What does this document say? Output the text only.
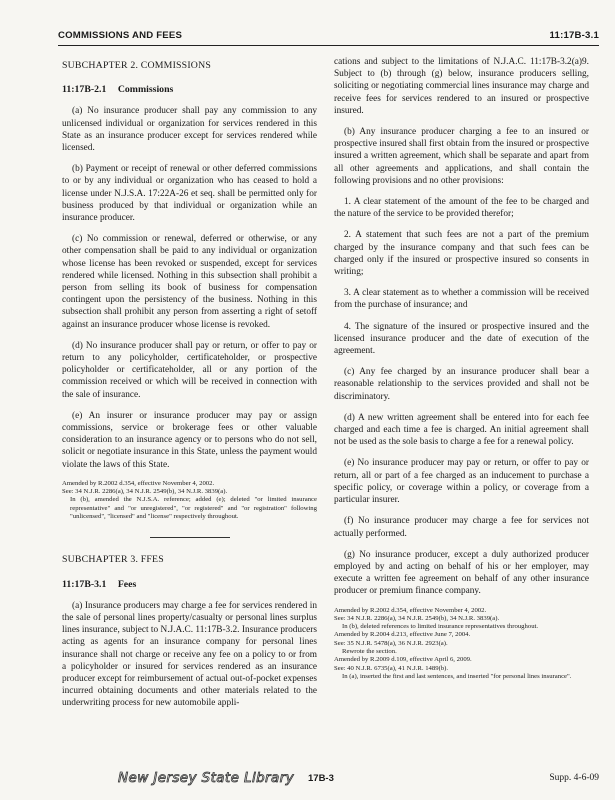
COMMISSIONS AND FEES	11:17B-3.1

SUBCHAPTER 2. COMMISSIONS

11:17B-2.1 Commissions

(a) No insurance producer shall pay any commission to any unlicensed individual or organization for services rendered in this State as an insurance producer except for services rendered while licensed.

(b) Payment or receipt of renewal or other deferred commissions to or by any individual or organization who has ceased to hold a license under N.J.S.A. 17:22A-26 et seq. shall be permitted only for business produced by that individual or organization while an insurance producer.

(c) No commission or renewal, deferred or otherwise, or any other compensation shall be paid to any individual or organization whose license has been revoked or suspended, except for services rendered while licensed. Nothing in this subsection shall prohibit a person from selling its book of business for compensation contingent upon the persistency of the business. Nothing in this subsection shall prohibit any person from asserting a right of setoff against an insurance producer whose license is revoked.

(d) No insurance producer shall pay or return, or offer to pay or return to any policyholder, certificateholder, or prospective policyholder or certificateholder, all or any portion of the commission received or which will be received in connection with the sale of insurance.

(e) An insurer or insurance producer may pay or assign commissions, service or brokerage fees or other valuable consideration to an insurance agency or to persons who do not sell, solicit or negotiate insurance in this State, unless the payment would violate the laws of this State.

Amended by R.2002 d.354, effective November 4, 2002.
See: 34 N.J.R. 2286(a), 34 N.J.R. 2549(b), 34 N.J.R. 3839(a).
In (b), amended the N.J.S.A. reference; added (e); deleted "or limited insurance representative" and "or unregistered", "or registered" and "or registration" following "unlicensed", "licensed" and "license" respectively throughout.

SUBCHAPTER 3. FFES

11:17B-3.1 Fees

(a) Insurance producers may charge a fee for services rendered in the sale of personal lines property/casualty or personal lines surplus lines insurance, subject to N.J.A.C. 11:17B-3.2. Insurance producers acting as agents for an insurance company for personal lines insurance shall not charge or receive any fee on a policy to or from a policyholder or insured for services rendered as an insurance producer except for reimbursement of actual out-of-pocket expenses incurred obtaining documents and other materials related to the underwriting process for new automobile appli-

cations and subject to the limitations of N.J.A.C. 11:17B-3.2(a)9. Subject to (b) through (g) below, insurance producers selling, soliciting or negotiating commercial lines insurance may charge and receive fees for services rendered to an insured or prospective insured.

(b) Any insurance producer charging a fee to an insured or prospective insured shall first obtain from the insured or prospective insured a written agreement, which shall be separate and apart from all other agreements and applications, and shall contain the following provisions and no other provisions:

1. A clear statement of the amount of the fee to be charged and the nature of the service to be provided therefor;

2. A statement that such fees are not a part of the premium charged by the insurance company and that such fees can be charged only if the insured or prospective insured so consents in writing;

3. A clear statement as to whether a commission will be received from the purchase of insurance; and

4. The signature of the insured or prospective insured and the licensed insurance producer and the date of execution of the agreement.

(c) Any fee charged by an insurance producer shall bear a reasonable relationship to the services provided and shall not be discriminatory.

(d) A new written agreement shall be entered into for each fee charged and each time a fee is charged. An initial agreement shall not be used as the sole basis to charge a fee for a renewal policy.

(e) No insurance producer may pay or return, or offer to pay or return, all or part of a fee charged as an inducement to purchase a specific policy, or coverage within a policy, or coverage from a particular insurer.

(f) No insurance producer may charge a fee for services not actually performed.

(g) No insurance producer, except a duly authorized producer employed by and acting on behalf of his or her employer, may execute a written fee agreement on behalf of any other insurance producer or premium finance company.

Amended by R.2002 d.354, effective November 4, 2002.
See: 34 N.J.R. 2286(a), 34 N.J.R. 2549(b), 34 N.J.R. 3839(a).
In (b), deleted references to limited insurance representatives throughout.
Amended by R.2004 d.213, effective June 7, 2004.
See: 35 N.J.R. 5478(a), 36 N.J.R. 2923(a).
Rewrote the section.
Amended by R.2009 d.109, effective April 6, 2009.
See: 40 N.J.R. 6735(a), 41 N.J.R. 1489(b).
In (a), inserted the first and last sentences, and inserted "for personal lines insurance".
New Jersey State Library 17B-3	Supp. 4-6-09
